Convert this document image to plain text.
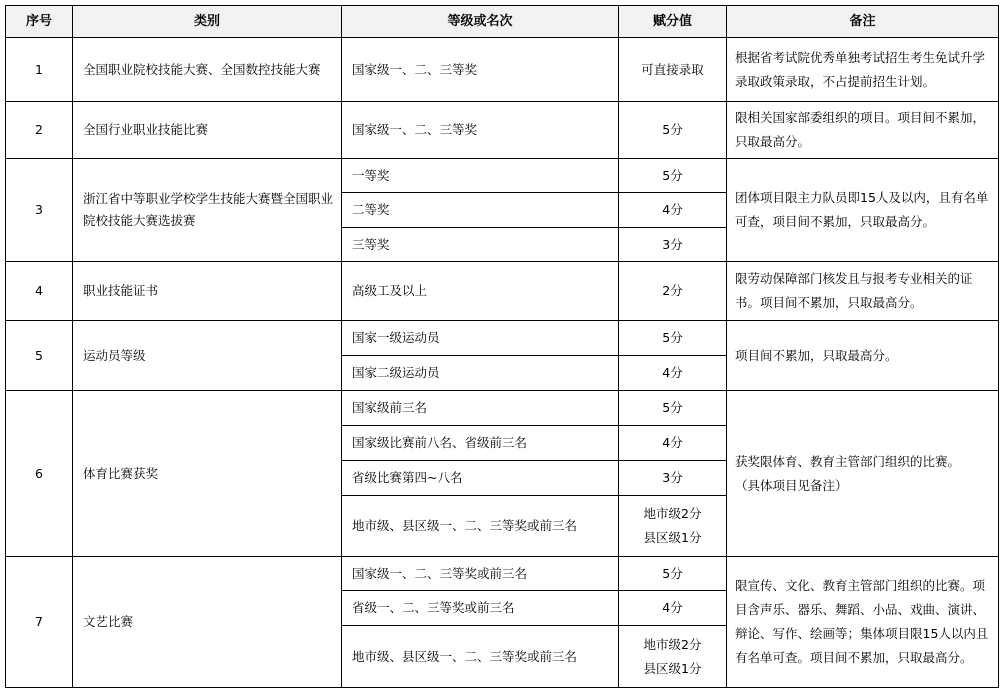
序号	类别	等级或名次	赋分值	备注
1	全国职业院校技能大赛、全国数控技能大赛	国家级一、二、三等奖	可直接录取	根据省考试院优秀单独考试招生考生免试升学录取政策录取，不占提前招生计划。
2	全国行业职业技能比赛	国家级一、二、三等奖	5分	限相关国家部委组织的项目。项目间不累加，只取最高分。
3	浙江省中等职业学校学生技能大赛暨全国职业院校技能大赛选拔赛	一等奖	5分	团体项目限主力队员即15人及以内，且有名单可查，项目间不累加，只取最高分。
		二等奖	4分	
		三等奖	3分	
4	职业技能证书	高级工及以上	2分	限劳动保障部门核发且与报考专业相关的证书。项目间不累加，只取最高分。
5	运动员等级	国家一级运动员	5分	项目间不累加，只取最高分。
		国家二级运动员	4分	
6	体育比赛获奖	国家级前三名	5分	获奖限体育、教育主管部门组织的比赛。
（具体项目见备注）

		国家级比赛前八名、省级前三名	4分	
		省级比赛第四~八名	3分	
		地市级、县区级一、二、三等奖或前三名	地市级2分
县区级1分	

7	文艺比赛	国家级一、二、三等奖或前三名	5分	限宣传、文化、教育主管部门组织的比赛。项目含声乐、器乐、舞蹈、小品、戏曲、演讲、辩论、写作、绘画等；集体项目限15人以内且有名单可查。项目间不累加，只取最高分。
		省级一、二、三等奖或前三名	4分	
		地市级、县区级一、二、三等奖或前三名	地市级2分
县区级1分	
